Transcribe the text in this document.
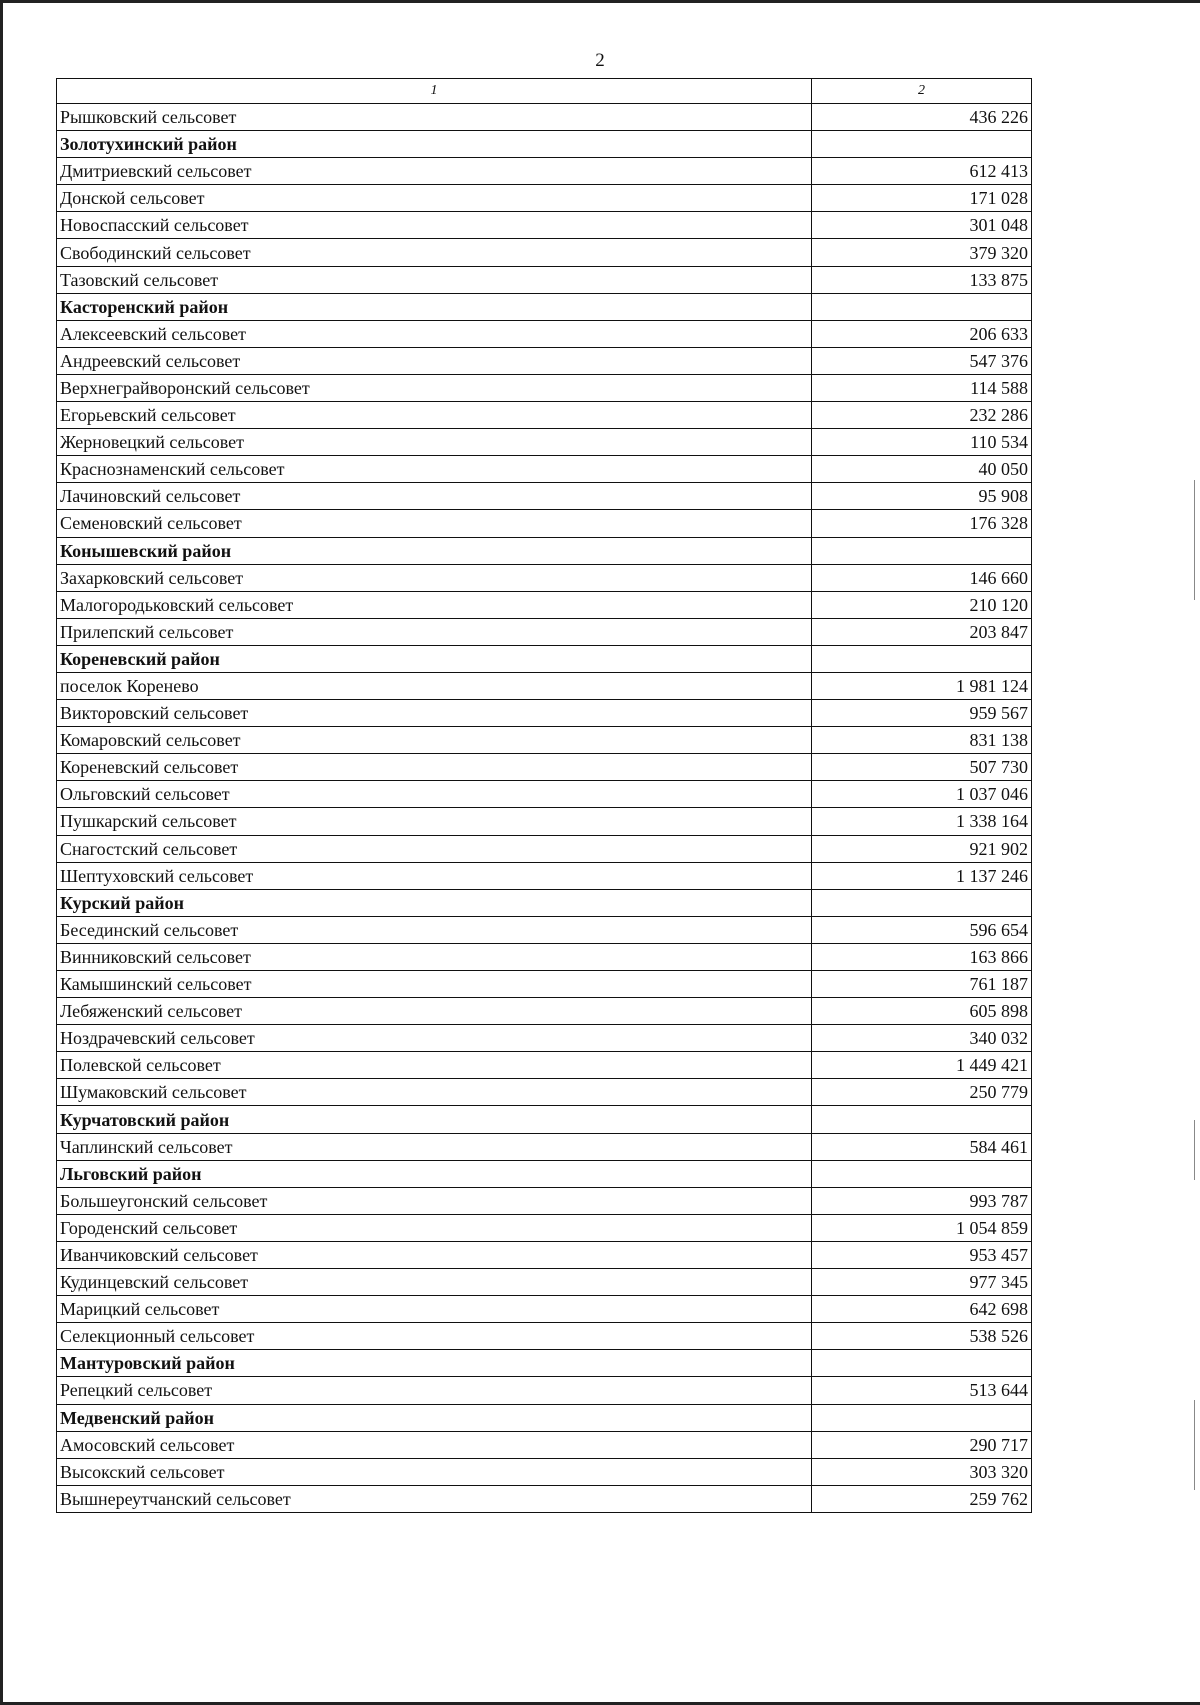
2
1	2
Рышковский сельсовет	436 226
Золотухинский район	
Дмитриевский сельсовет	612 413
Донской сельсовет	171 028
Новоспасский сельсовет	301 048
Свободинский сельсовет	379 320
Тазовский сельсовет	133 875
Касторенский район	
Алексеевский сельсовет	206 633
Андреевский сельсовет	547 376
Верхнеграйворонский сельсовет	114 588
Егорьевский сельсовет	232 286
Жерновецкий сельсовет	110 534
Краснознаменский сельсовет	40 050
Лачиновский сельсовет	95 908
Семеновский сельсовет	176 328
Конышевский район	
Захарковский сельсовет	146 660
Малогородьковский сельсовет	210 120
Прилепский сельсовет	203 847
Кореневский район	
поселок Коренево	1 981 124
Викторовский сельсовет	959 567
Комаровский сельсовет	831 138
Кореневский сельсовет	507 730
Ольговский сельсовет	1 037 046
Пушкарский сельсовет	1 338 164
Снагостский сельсовет	921 902
Шептуховский сельсовет	1 137 246
Курский район	
Бесединский сельсовет	596 654
Винниковский сельсовет	163 866
Камышинский сельсовет	761 187
Лебяженский сельсовет	605 898
Ноздрачевский сельсовет	340 032
Полевской сельсовет	1 449 421
Шумаковский сельсовет	250 779
Курчатовский район	
Чаплинский сельсовет	584 461
Льговский район	
Большеугонский сельсовет	993 787
Городенский сельсовет	1 054 859
Иванчиковский сельсовет	953 457
Кудинцевский сельсовет	977 345
Марицкий сельсовет	642 698
Селекционный сельсовет	538 526
Мантуровский район	
Репецкий сельсовет	513 644
Медвенский район	
Амосовский сельсовет	290 717
Высокский сельсовет	303 320
Вышнереутчанский сельсовет	259 762
